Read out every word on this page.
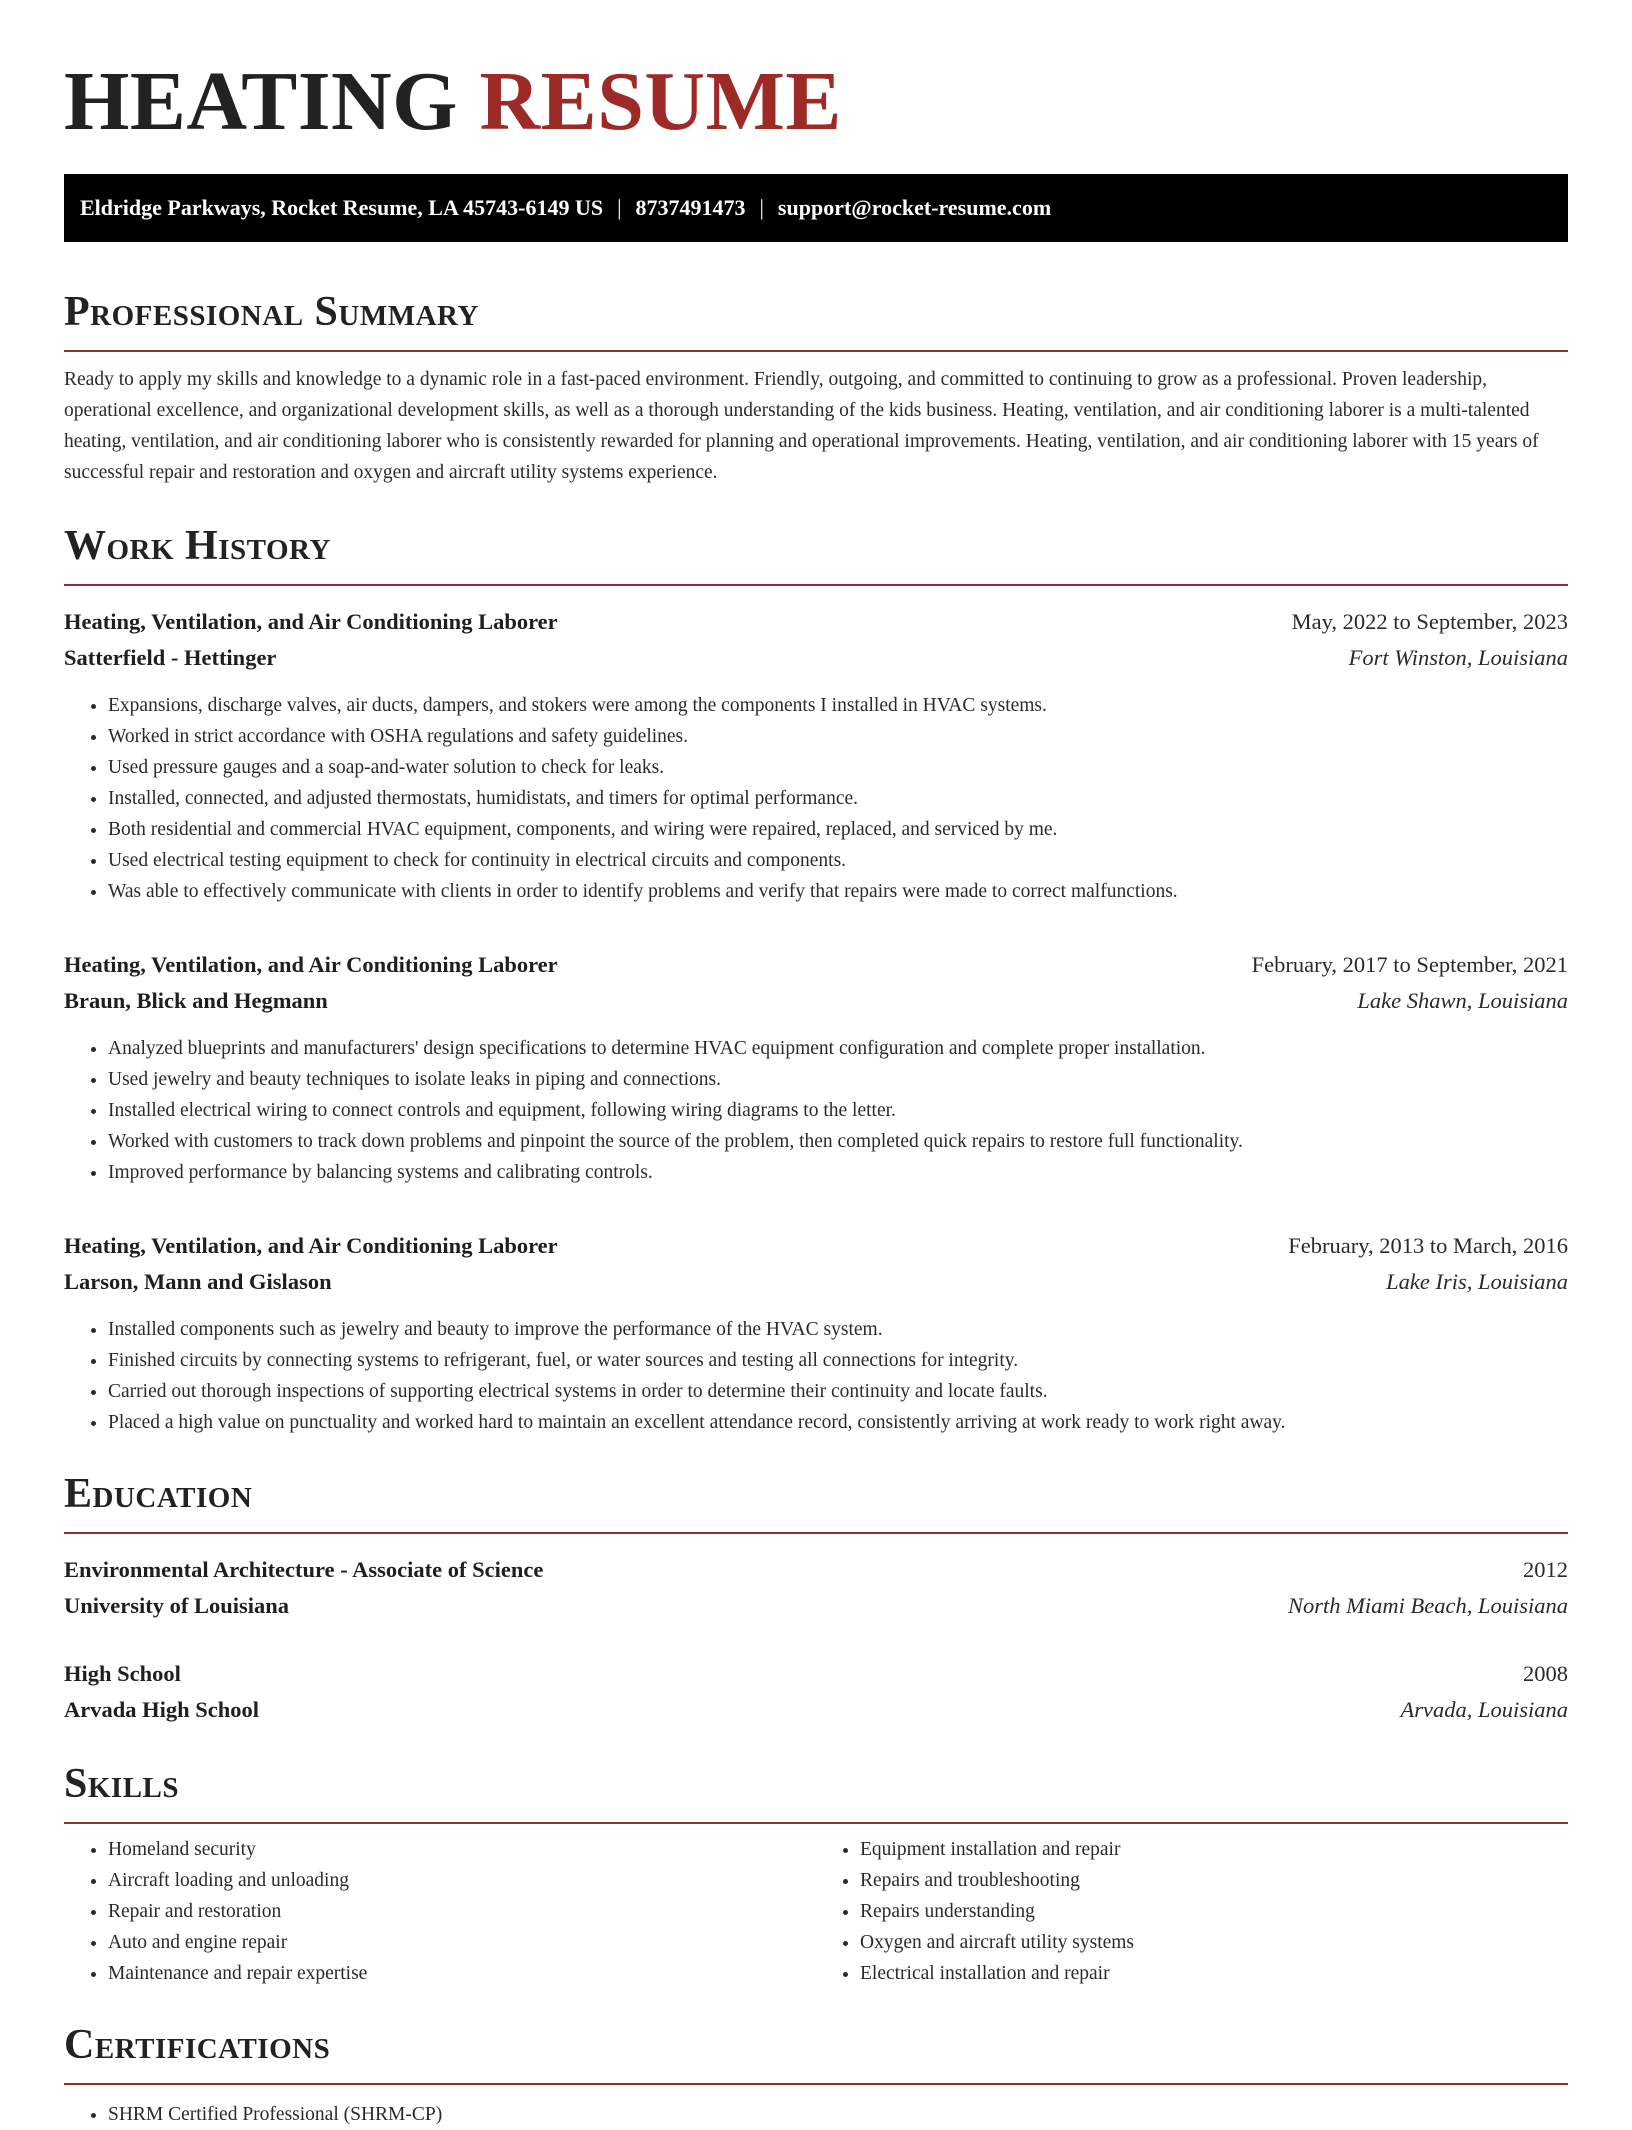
HEATING RESUME
Eldridge Parkways, Rocket Resume, LA 45743-6149 US | 8737491473 | support@rocket-resume.com
Professional Summary

Ready to apply my skills and knowledge to a dynamic role in a fast-paced environment. Friendly, outgoing, and committed to continuing to grow as a professional. Proven leadership, operational excellence, and organizational development skills, as well as a thorough understanding of the kids business. Heating, ventilation, and air conditioning laborer is a multi-talented heating, ventilation, and air conditioning laborer who is consistently rewarded for planning and operational improvements. Heating, ventilation, and air conditioning laborer with 15 years of successful repair and restoration and oxygen and aircraft utility systems experience.

Work History
Heating, Ventilation, and Air Conditioning Laborer	May, 2022 to September, 2023
Satterfield - Hettinger	Fort Winston, Louisiana
• Expansions, discharge valves, air ducts, dampers, and stokers were among the components I installed in HVAC systems.
• Worked in strict accordance with OSHA regulations and safety guidelines.
• Used pressure gauges and a soap-and-water solution to check for leaks.
• Installed, connected, and adjusted thermostats, humidistats, and timers for optimal performance.
• Both residential and commercial HVAC equipment, components, and wiring were repaired, replaced, and serviced by me.
• Used electrical testing equipment to check for continuity in electrical circuits and components.
• Was able to effectively communicate with clients in order to identify problems and verify that repairs were made to correct malfunctions.
Heating, Ventilation, and Air Conditioning Laborer	February, 2017 to September, 2021
Braun, Blick and Hegmann	Lake Shawn, Louisiana
• Analyzed blueprints and manufacturers' design specifications to determine HVAC equipment configuration and complete proper installation.
• Used jewelry and beauty techniques to isolate leaks in piping and connections.
• Installed electrical wiring to connect controls and equipment, following wiring diagrams to the letter.
• Worked with customers to track down problems and pinpoint the source of the problem, then completed quick repairs to restore full functionality.
• Improved performance by balancing systems and calibrating controls.
Heating, Ventilation, and Air Conditioning Laborer	February, 2013 to March, 2016
Larson, Mann and Gislason	Lake Iris, Louisiana
• Installed components such as jewelry and beauty to improve the performance of the HVAC system.
• Finished circuits by connecting systems to refrigerant, fuel, or water sources and testing all connections for integrity.
• Carried out thorough inspections of supporting electrical systems in order to determine their continuity and locate faults.
• Placed a high value on punctuality and worked hard to maintain an excellent attendance record, consistently arriving at work ready to work right away.
Education
Environmental Architecture - Associate of Science	2012
University of Louisiana	North Miami Beach, Louisiana
High School	2008
Arvada High School	Arvada, Louisiana
Skills
• Homeland security
• Aircraft loading and unloading
• Repair and restoration
• Auto and engine repair
• Maintenance and repair expertise
• Equipment installation and repair
• Repairs and troubleshooting
• Repairs understanding
• Oxygen and aircraft utility systems
• Electrical installation and repair
Certifications
• SHRM Certified Professional (SHRM-CP)
